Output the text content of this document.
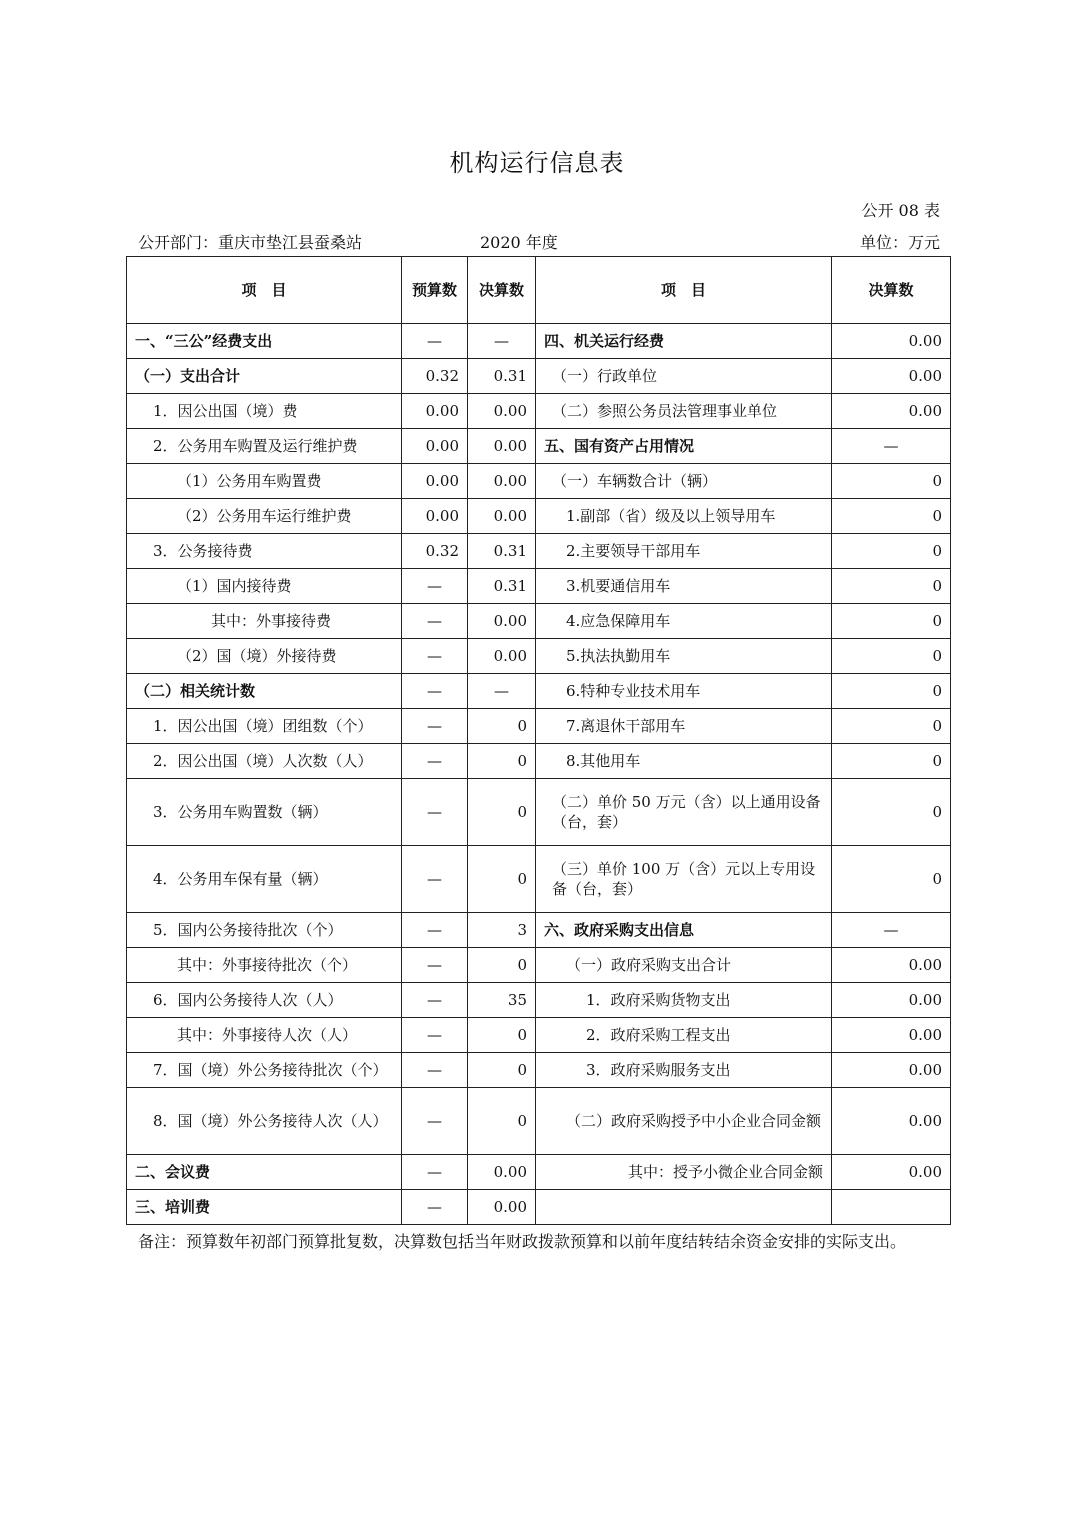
机构运行信息表
公开 08 表
公开部门：重庆市垫江县蚕桑站	2020 年度	单位：万元
项　目	预算数	决算数	项　目	决算数
一、“三公”经费支出	—	—	四、机关运行经费	0.00
（一）支出合计	0.32	0.31	（一）行政单位	0.00
1．因公出国（境）费	0.00	0.00	（二）参照公务员法管理事业单位	0.00
2．公务用车购置及运行维护费	0.00	0.00	五、国有资产占用情况	—
（1）公务用车购置费	0.00	0.00	（一）车辆数合计（辆）	0
（2）公务用车运行维护费	0.00	0.00	1.副部（省）级及以上领导用车	0
3．公务接待费	0.32	0.31	2.主要领导干部用车	0
（1）国内接待费	—	0.31	3.机要通信用车	0
其中：外事接待费	—	0.00	4.应急保障用车	0
（2）国（境）外接待费	—	0.00	5.执法执勤用车	0
（二）相关统计数	—	—	6.特种专业技术用车	0
1．因公出国（境）团组数（个）	—	0	7.离退休干部用车	0
2．因公出国（境）人次数（人）	—	0	8.其他用车	0
3．公务用车购置数（辆）	—	0	（二）单价 50 万元（含）以上通用设备（台，套）	0
4．公务用车保有量（辆）	—	0	（三）单价 100 万（含）元以上专用设备（台，套）	0
5．国内公务接待批次（个）	—	3	六、政府采购支出信息	—
其中：外事接待批次（个）	—	0	（一）政府采购支出合计	0.00
6．国内公务接待人次（人）	—	35	1．政府采购货物支出	0.00
其中：外事接待人次（人）	—	0	2．政府采购工程支出	0.00
7．国（境）外公务接待批次（个）	—	0	3．政府采购服务支出	0.00
8．国（境）外公务接待人次（人）	—	0	（二）政府采购授予中小企业合同金额	0.00
二、会议费	—	0.00	其中：授予小微企业合同金额	0.00
三、培训费	—	0.00		
备注：预算数年初部门预算批复数，决算数包括当年财政拨款预算和以前年度结转结余资金安排的实际支出。
